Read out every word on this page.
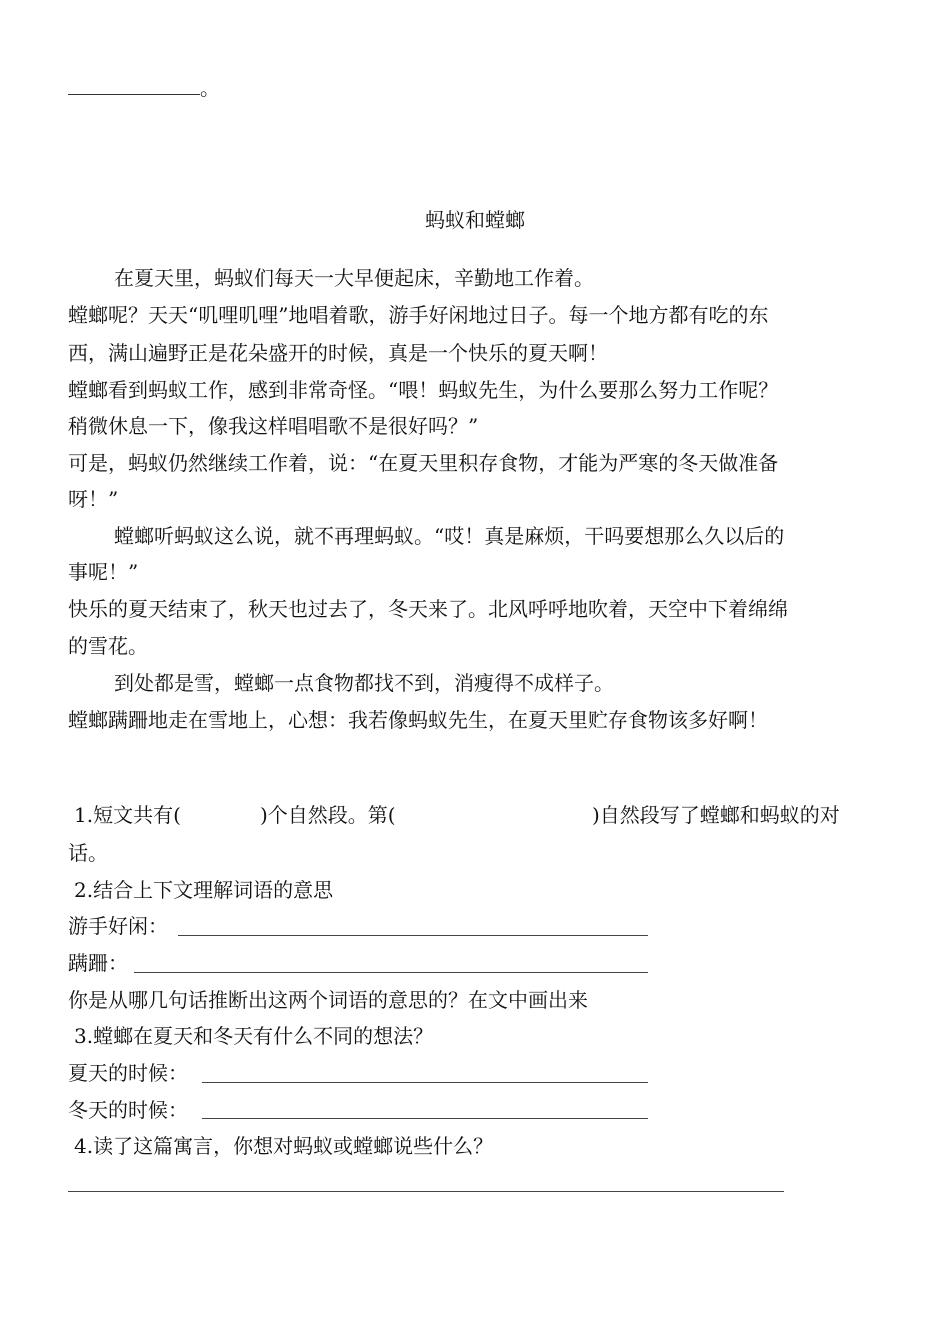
。
蚂蚁和螳螂
在夏天里，蚂蚁们每天一大早便起床，辛勤地工作着。
螳螂呢？天天“叽哩叽哩”地唱着歌，游手好闲地过日子。每一个地方都有吃的东
西，满山遍野正是花朵盛开的时候，真是一个快乐的夏天啊！
螳螂看到蚂蚁工作，感到非常奇怪。“喂！蚂蚁先生，为什么要那么努力工作呢？
稍微休息一下，像我这样唱唱歌不是很好吗？”
可是，蚂蚁仍然继续工作着，说：“在夏天里积存食物，才能为严寒的冬天做准备
呀！”
螳螂听蚂蚁这么说，就不再理蚂蚁。“哎！真是麻烦，干吗要想那么久以后的
事呢！”
快乐的夏天结束了，秋天也过去了，冬天来了。北风呼呼地吹着，天空中下着绵绵
的雪花。
到处都是雪，螳螂一点食物都找不到，消瘦得不成样子。
螳螂蹒跚地走在雪地上，心想：我若像蚂蚁先生，在夏天里贮存食物该多好啊！
1.短文共有(	)个自然段。第(	)自然段写了螳螂和蚂蚁的对
话。
2.结合上下文理解词语的意思
游手好闲：
蹒跚：
你是从哪几句话推断出这两个词语的意思的？在文中画出来
3.螳螂在夏天和冬天有什么不同的想法？
夏天的时候：
冬天的时候：
4.读了这篇寓言，你想对蚂蚁或螳螂说些什么？
